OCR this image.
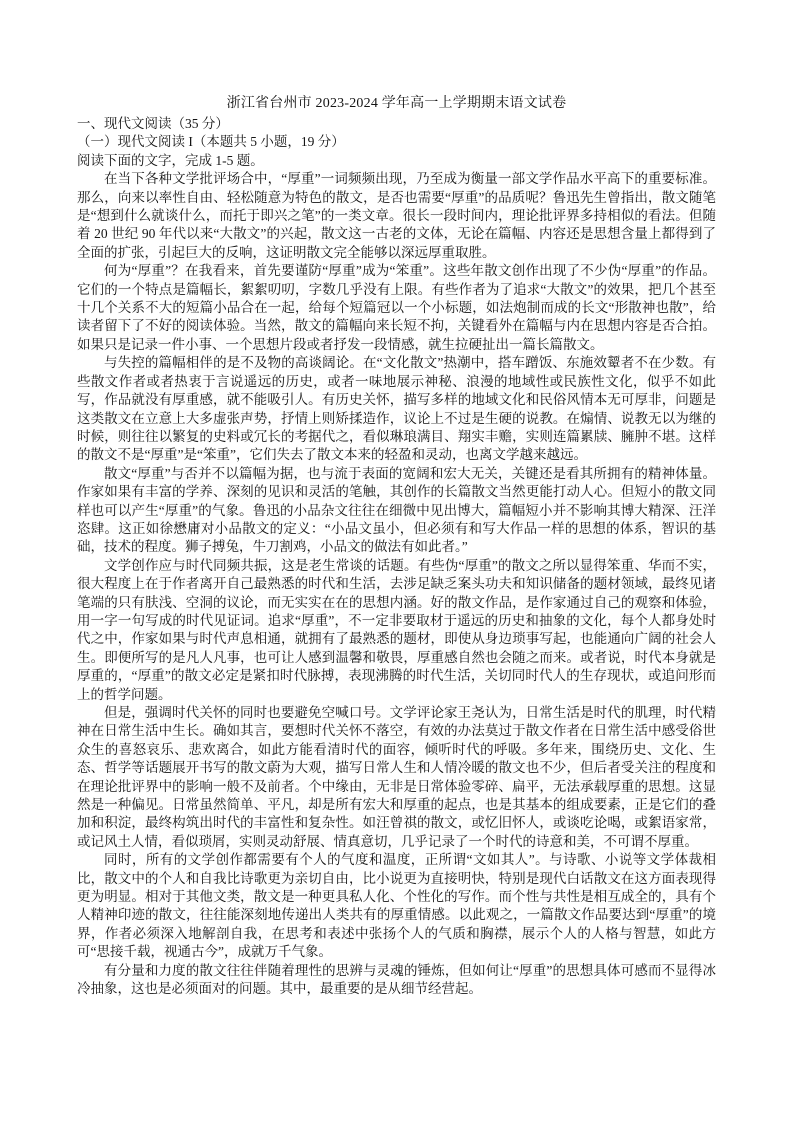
浙江省台州市 2023-2024 学年高一上学期期末语文试卷
一、现代文阅读（35 分）
（一）现代文阅读 I（本题共 5 小题，19 分）
阅读下面的文字，完成 1-5 题。

在当下各种文学批评场合中，“厚重”一词频频出现，乃至成为衡量一部文学作品水平高下的重要标准。那么，向来以率性自由、轻松随意为特色的散文，是否也需要“厚重”的品质呢？鲁迅先生曾指出，散文随笔是“想到什么就谈什么，而托于即兴之笔”的一类文章。很长一段时间内，理论批评界多持相似的看法。但随着 20 世纪 90 年代以来“大散文”的兴起，散文这一古老的文体，无论在篇幅、内容还是思想含量上都得到了全面的扩张，引起巨大的反响，这证明散文完全能够以深远厚重取胜。

何为“厚重”？在我看来，首先要谨防“厚重”成为“笨重”。这些年散文创作出现了不少伪“厚重”的作品。它们的一个特点是篇幅长，絮絮叨叨，字数几乎没有上限。有些作者为了追求“大散文”的效果，把几个甚至十几个关系不大的短篇小品合在一起，给每个短篇冠以一个小标题，如法炮制而成的长文“形散神也散”，给读者留下了不好的阅读体验。当然，散文的篇幅向来长短不拘，关键看外在篇幅与内在思想内容是否合拍。如果只是记录一件小事、一个思想片段或者抒发一段情感，就生拉硬扯出一篇长篇散文。

与失控的篇幅相伴的是不及物的高谈阔论。在“文化散文”热潮中，搭车蹭饭、东施效颦者不在少数。有些散文作者或者热衷于言说遥远的历史，或者一味地展示神秘、浪漫的地域性或民族性文化，似乎不如此写，作品就没有厚重感，就不能吸引人。有历史关怀，描写多样的地域文化和民俗风情本无可厚非，问题是这类散文在立意上大多虚张声势，抒情上则矫揉造作，议论上不过是生硬的说教。在煽情、说教无以为继的时候，则往往以繁复的史料或冗长的考据代之，看似琳琅满目、翔实丰赡，实则连篇累牍、臃肿不堪。这样的散文不是“厚重”是“笨重”，它们失去了散文本来的轻盈和灵动，也离文学越来越远。

散文“厚重”与否并不以篇幅为据，也与流于表面的宽阔和宏大无关，关键还是看其所拥有的精神体量。作家如果有丰富的学养、深刻的见识和灵活的笔触，其创作的长篇散文当然更能打动人心。但短小的散文同样也可以产生“厚重”的气象。鲁迅的小品杂文往往在细微中见出博大，篇幅短小并不影响其博大精深、汪洋恣肆。这正如徐懋庸对小品散文的定义：“小品文虽小，但必须有和写大作品一样的思想的体系，智识的基础，技术的程度。狮子搏兔，牛刀割鸡，小品文的做法有如此者。”

文学创作应与时代同频共振，这是老生常谈的话题。有些伪“厚重”的散文之所以显得笨重、华而不实，很大程度上在于作者离开自己最熟悉的时代和生活，去涉足缺乏案头功夫和知识储备的题材领域，最终见诸笔端的只有肤浅、空洞的议论，而无实实在在的思想内涵。好的散文作品，是作家通过自己的观察和体验，用一字一句写成的时代见证词。追求“厚重”，不一定非要取材于遥远的历史和抽象的文化，每个人都身处时代之中，作家如果与时代声息相通，就拥有了最熟悉的题材，即使从身边琐事写起，也能通向广阔的社会人生。即便所写的是凡人凡事，也可让人感到温馨和敬畏，厚重感自然也会随之而来。或者说，时代本身就是厚重的，“厚重”的散文必定是紧扣时代脉搏，表现沸腾的时代生活，关切同时代人的生存现状，或追问形而上的哲学问题。

但是，强调时代关怀的同时也要避免空喊口号。文学评论家王尧认为，日常生活是时代的肌理，时代精神在日常生活中生长。确如其言，要想时代关怀不落空，有效的办法莫过于散文作者在日常生活中感受俗世众生的喜怒哀乐、悲欢离合，如此方能看清时代的面容，倾听时代的呼吸。多年来，围绕历史、文化、生态、哲学等话题展开书写的散文蔚为大观，描写日常人生和人情冷暖的散文也不少，但后者受关注的程度和在理论批评界中的影响一般不及前者。个中缘由，无非是日常体验零碎、扁平，无法承载厚重的思想。这显然是一种偏见。日常虽然简单、平凡，却是所有宏大和厚重的起点，也是其基本的组成要素，正是它们的叠加和积淀，最终构筑出时代的丰富性和复杂性。如汪曾祺的散文，或忆旧怀人，或谈吃论喝，或絮语家常，或记风土人情，看似琐屑，实则灵动舒展、情真意切，几乎记录了一个时代的诗意和美，不可谓不厚重。

同时，所有的文学创作都需要有个人的气度和温度，正所谓“文如其人”。与诗歌、小说等文学体裁相比，散文中的个人和自我比诗歌更为亲切自由，比小说更为直接明快，特别是现代白话散文在这方面表现得更为明显。相对于其他文类，散文是一种更具私人化、个性化的写作。而个性与共性是相互成全的，具有个人精神印迹的散文，往往能深刻地传递出人类共有的厚重情感。以此观之，一篇散文作品要达到“厚重”的境界，作者必须深入地解剖自我，在思考和表述中张扬个人的气质和胸襟，展示个人的人格与智慧，如此方可“思接千载，视通古今”，成就万千气象。

有分量和力度的散文往往伴随着理性的思辨与灵魂的锤炼，但如何让“厚重”的思想具体可感而不显得冰冷抽象，这也是必须面对的问题。其中，最重要的是从细节经营起。
